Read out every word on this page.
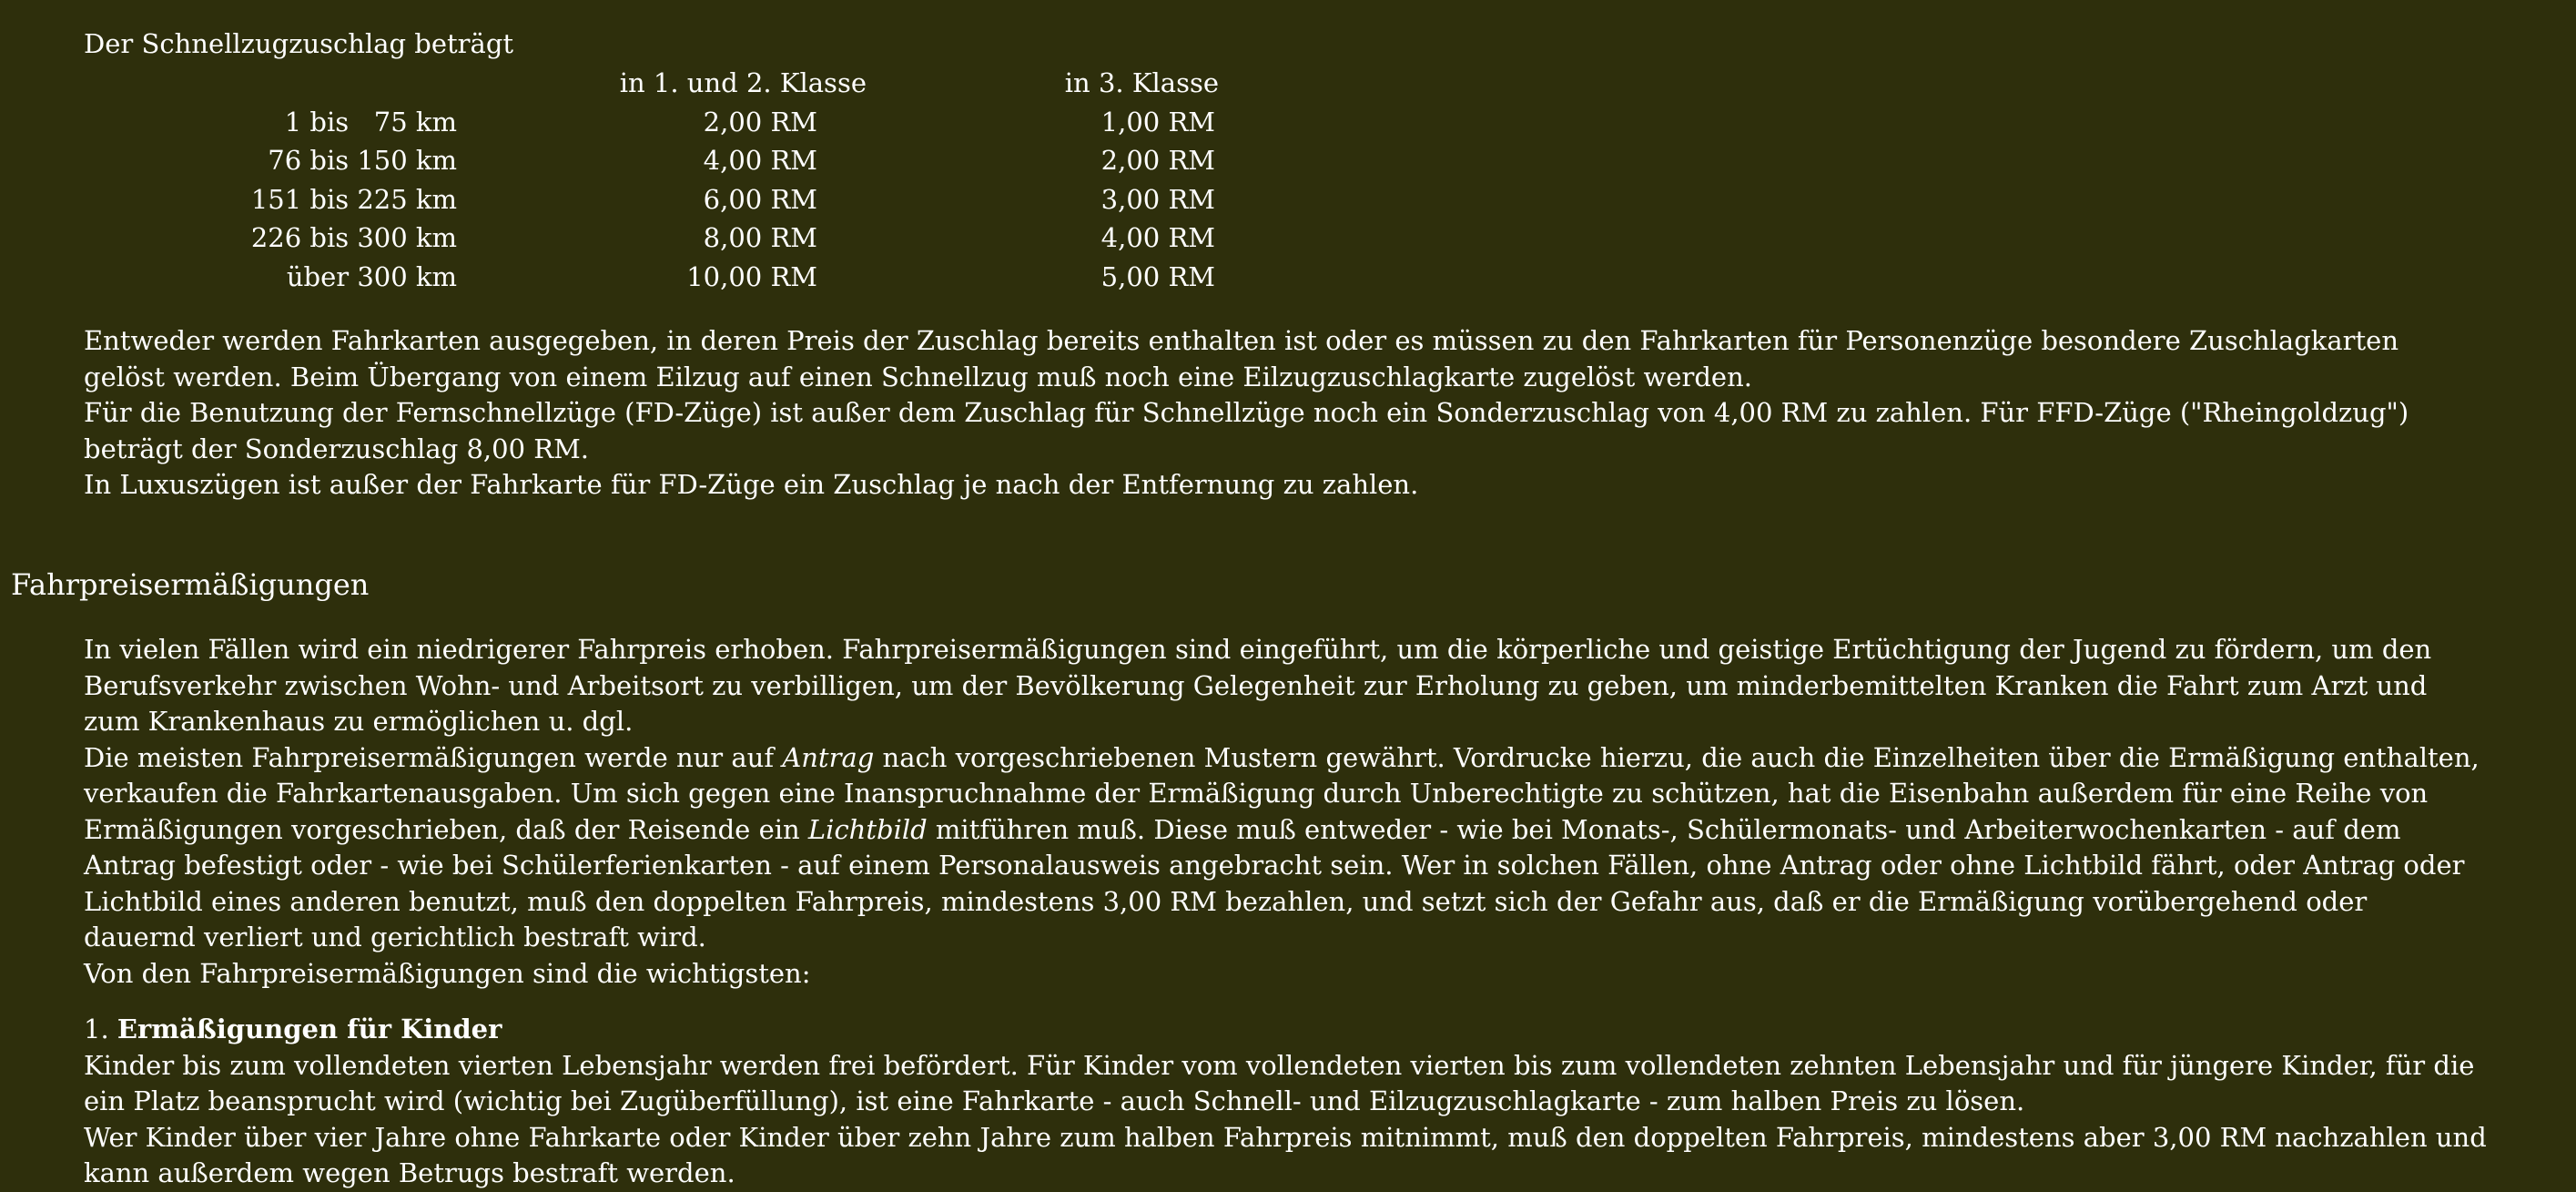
Der Schnellzugzuschlag beträgt
	in 1. und 2. Klasse	in 3. Klasse
1 bis   75 km	2,00 RM	1,00 RM
76 bis 150 km	4,00 RM	2,00 RM
151 bis 225 km	6,00 RM	3,00 RM
226 bis 300 km	8,00 RM	4,00 RM
über 300 km	10,00 RM	5,00 RM

Entweder werden Fahrkarten ausgegeben, in deren Preis der Zuschlag bereits enthalten ist oder es müssen zu den Fahrkarten für Personenzüge besondere Zuschlagkarten gelöst werden. Beim Übergang von einem Eilzug auf einen Schnellzug muß noch eine Eilzugzuschlagkarte zugelöst werden.

Für die Benutzung der Fernschnellzüge (FD-Züge) ist außer dem Zuschlag für Schnellzüge noch ein Sonderzuschlag von 4,00 RM zu zahlen. Für FFD-Züge ("Rheingoldzug") beträgt der Sonderzuschlag 8,00 RM.

In Luxuszügen ist außer der Fahrkarte für FD-Züge ein Zuschlag je nach der Entfernung zu zahlen.

Fahrpreisermäßigungen

In vielen Fällen wird ein niedrigerer Fahrpreis erhoben. Fahrpreisermäßigungen sind eingeführt, um die körperliche und geistige Ertüchtigung der Jugend zu fördern, um den Berufsverkehr zwischen Wohn- und Arbeitsort zu verbilligen, um der Bevölkerung Gelegenheit zur Erholung zu geben, um minderbemittelten Kranken die Fahrt zum Arzt und zum Krankenhaus zu ermöglichen u. dgl.

Die meisten Fahrpreisermäßigungen werde nur auf Antrag nach vorgeschriebenen Mustern gewährt. Vordrucke hierzu, die auch die Einzelheiten über die Ermäßigung enthalten, verkaufen die Fahrkartenausgaben. Um sich gegen eine Inanspruchnahme der Ermäßigung durch Unberechtigte zu schützen, hat die Eisenbahn außerdem für eine Reihe von Ermäßigungen vorgeschrieben, daß der Reisende ein Lichtbild mitführen muß. Diese muß entweder - wie bei Monats-, Schülermonats- und Arbeiterwochenkarten - auf dem Antrag befestigt oder - wie bei Schülerferienkarten - auf einem Personalausweis angebracht sein. Wer in solchen Fällen, ohne Antrag oder ohne Lichtbild fährt, oder Antrag oder Lichtbild eines anderen benutzt, muß den doppelten Fahrpreis, mindestens 3,00 RM bezahlen, und setzt sich der Gefahr aus, daß er die Ermäßigung vorübergehend oder dauernd verliert und gerichtlich bestraft wird.

Von den Fahrpreisermäßigungen sind die wichtigsten:

1. Ermäßigungen für Kinder

Kinder bis zum vollendeten vierten Lebensjahr werden frei befördert. Für Kinder vom vollendeten vierten bis zum vollendeten zehnten Lebensjahr und für jüngere Kinder, für die ein Platz beansprucht wird (wichtig bei Zugüberfüllung), ist eine Fahrkarte - auch Schnell- und Eilzugzuschlagkarte - zum halben Preis zu lösen.

Wer Kinder über vier Jahre ohne Fahrkarte oder Kinder über zehn Jahre zum halben Fahrpreis mitnimmt, muß den doppelten Fahrpreis, mindestens aber 3,00 RM nachzahlen und kann außerdem wegen Betrugs bestraft werden.
